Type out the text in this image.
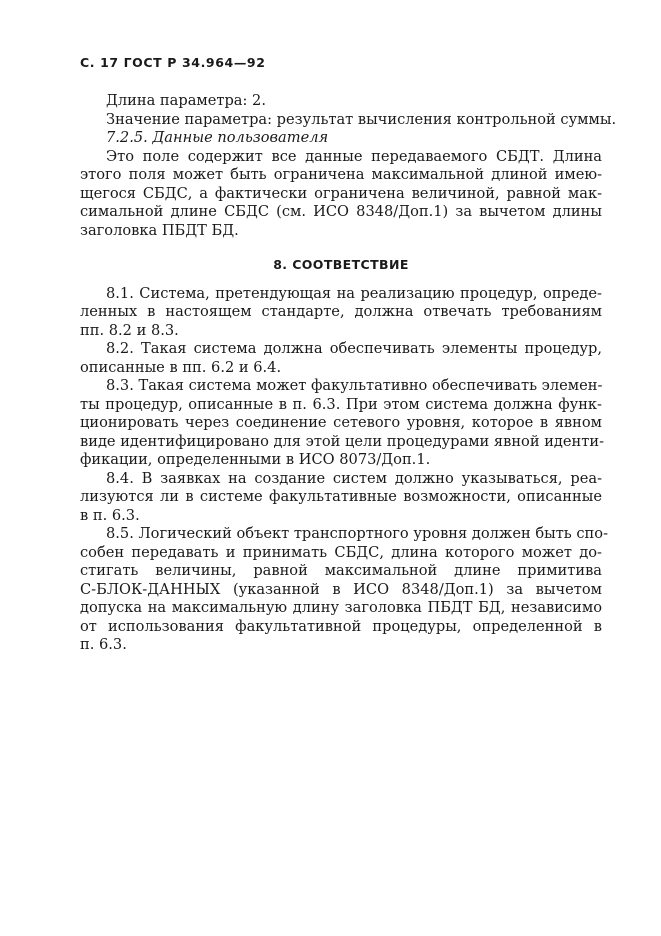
С. 17 ГОСТ Р 34.964—92
Длина параметра: 2.
Значение параметра: результат вычисления контрольной суммы.
7.2.5. Данные пользователя
Это поле содержит все данные передаваемого СБДТ. Длина
этого поля может быть ограничена максимальной длиной имею-
щегося СБДС, а фактически ограничена величиной, равной мак-
симальной длине СБДС (см. ИСО 8348/Доп.1) за вычетом длины
заголовка ПБДТ БД.
8. СООТВЕТСТВИЕ
8.1. Система, претендующая на реализацию процедур, опреде-
ленных в настоящем стандарте, должна отвечать требованиям
пп. 8.2 и 8.3.
8.2. Такая система должна обеспечивать элементы процедур,
описанные в пп. 6.2 и 6.4.
8.3. Такая система может факультативно обеспечивать элемен-
ты процедур, описанные в п. 6.3. При этом система должна функ-
ционировать через соединение сетевого уровня, которое в явном
виде идентифицировано для этой цели процедурами явной иденти-
фикации, определенными в ИСО 8073/Доп.1.
8.4. В заявках на создание систем должно указываться, реа-
лизуются ли в системе факультативные возможности, описанные
в п. 6.3.
8.5. Логический объект транспортного уровня должен быть спо-
собен передавать и принимать СБДС, длина которого может до-
стигать величины, равной максимальной длине примитива
С-БЛОК-ДАННЫХ (указанной в ИСО 8348/Доп.1) за вычетом
допуска на максимальную длину заголовка ПБДТ БД, независимо
от использования факультативной процедуры, определенной в
п. 6.3.
